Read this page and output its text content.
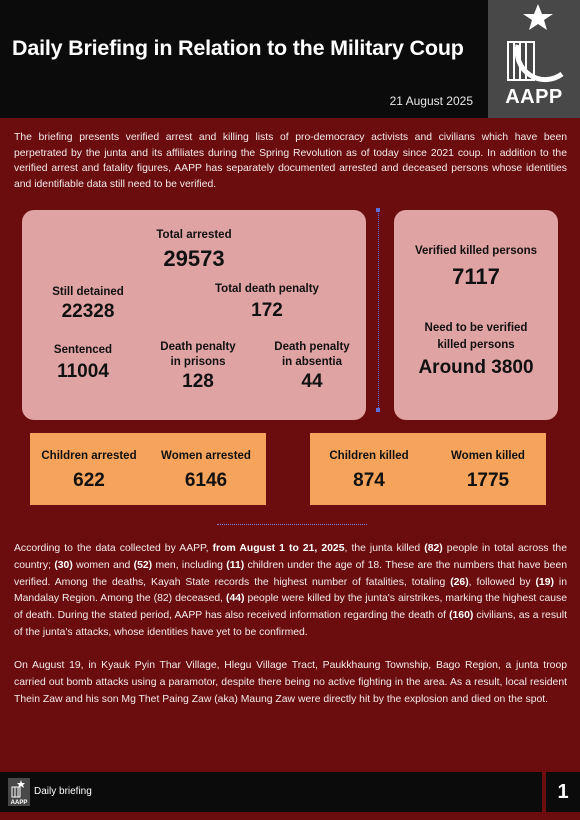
Daily Briefing in Relation to the Military Coup
21 August 2025	AAPP
The briefing presents verified arrest and killing lists of pro-democracy activists and civilians which have been perpetrated by the junta and its affiliates during the Spring Revolution as of today since 2021 coup. In addition to the verified arrest and fatality figures, AAPP has separately documented arrested and deceased persons whose identities and identifiable data still need to be verified.
Total arrested
29573
Total death penalty
172
Still detained
22328
Sentenced
11004
Death penalty
in prisons
128
Death penalty
in absentia
44
Verified killed persons
7117
Need to be verified
killed persons
Around 3800
Children arrested
622
Women arrested
6146
Children killed
874
Women killed
1775
According to the data collected by AAPP, from August 1 to 21, 2025, the junta killed (82) people in total across the country; (30) women and (52) men, including (11) children under the age of 18. These are the numbers that have been verified. Among the deaths, Kayah State records the highest number of fatalities, totaling (26), followed by (19) in Mandalay Region. Among the (82) deceased, (44) people were killed by the junta's airstrikes, marking the highest cause of death. During the stated period, AAPP has also received information regarding the death of (160) civilians, as a result of the junta's attacks, whose identities have yet to be confirmed.
On August 19, in Kyauk Pyin Thar Village, Hlegu Village Tract, Paukkhaung Township, Bago Region, a junta troop carried out bomb attacks using a paramotor, despite there being no active fighting in the area. As a result, local resident Thein Zaw and his son Mg Thet Paing Zaw (aka) Maung Zaw were directly hit by the explosion and died on the spot.
AAPP
Daily briefing	1
